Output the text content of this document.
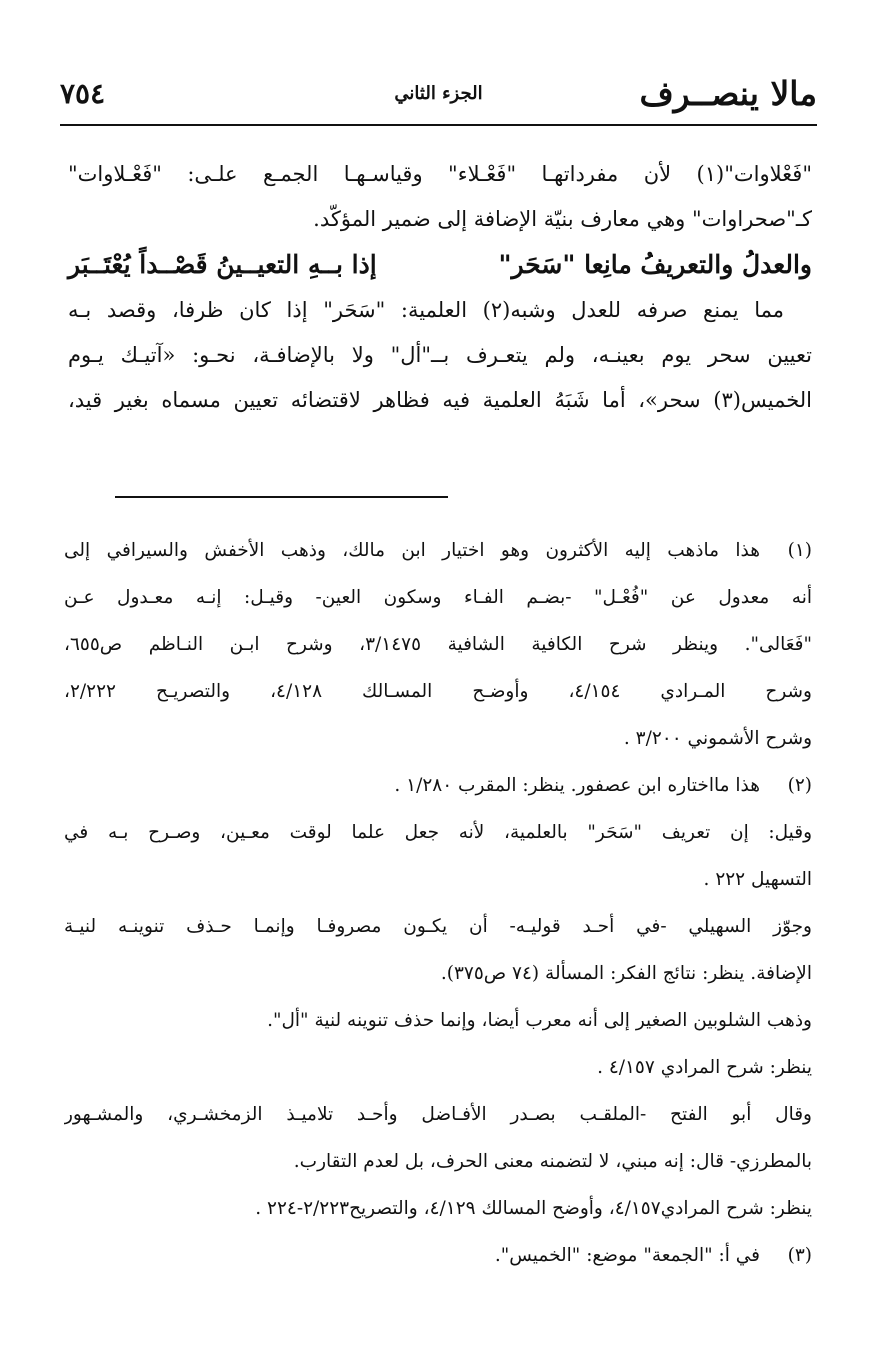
مالا ينصــرف
الجزء الثاني
٧٥٤
"فَعْلاوات"(١) لأن مفرداتهـا "فَعْـلاء" وقياسـهـا الجمـع علـى: "فَعْـلاوات"
كـ"صحراوات" وهي معارف بنيّة الإضافة إلى ضمير المؤكّد.
والعدلُ والتعريفُ مانِعا "سَحَر"
إذا بــهِ التعيــينُ قَصْــداً يُعْتَــبَر
مما يمنع صرفه للعدل وشبه(٢) العلمية: "سَحَر" إذا كان ظرفا، وقصد بـه
تعيين سحر يوم بعينـه، ولم يتعـرف بــ"أل" ولا بالإضافـة، نحـو: «آتيـك يـوم
الخميس(٣) سحر»، أما شَبَهُ العلمية فيه فظاهر لاقتضائه تعيين مسماه بغير قيد،
(١)
هذا ماذهب إليه الأكثرون وهو اختيار ابن مالك، وذهب الأخفش والسيرافي إلى
أنه معدول عن "فُعْـل" -بضـم الفـاء وسكون العين- وقيـل: إنـه معـدول عـن
"فَعَالى". وينظر شرح الكافية الشافية ٣/١٤٧٥، وشرح ابـن النـاظم ص٦٥٥،
وشرح المـرادي ٤/١٥٤، وأوضـح المسـالك ٤/١٢٨، والتصريـح ٢/٢٢٢،
وشرح الأشموني ٣/٢٠٠ .
(٢)
هذا مااختاره ابن عصفور. ينظر: المقرب ١/٢٨٠ .
وقيل: إن تعريف "سَحَر" بالعلمية، لأنه جعل علما لوقت معـين، وصـرح بـه في
التسهيل ٢٢٢ .
وجوّز السهيلي -في أحـد قوليـه- أن يكـون مصروفـا وإنمـا حـذف تنوينـه لنيـة
الإضافة. ينظر: نتائج الفكر: المسألة (٧٤ ص٣٧٥).
وذهب الشلوبين الصغير إلى أنه معرب أيضا، وإنما حذف تنوينه لنية "أل".
ينظر: شرح المرادي ٤/١٥٧ .
وقال أبو الفتح -الملقـب بصـدر الأفـاضل وأحـد تلاميـذ الزمخشـري، والمشـهور
بالمطرزي- قال: إنه مبني، لا لتضمنه معنى الحرف، بل لعدم التقارب.
ينظر: شرح المرادي٤/١٥٧، وأوضح المسالك ٤/١٢٩، والتصريح٢/٢٢٣-٢٢٤ .
(٣)
في أ: "الجمعة" موضع: "الخميس".
